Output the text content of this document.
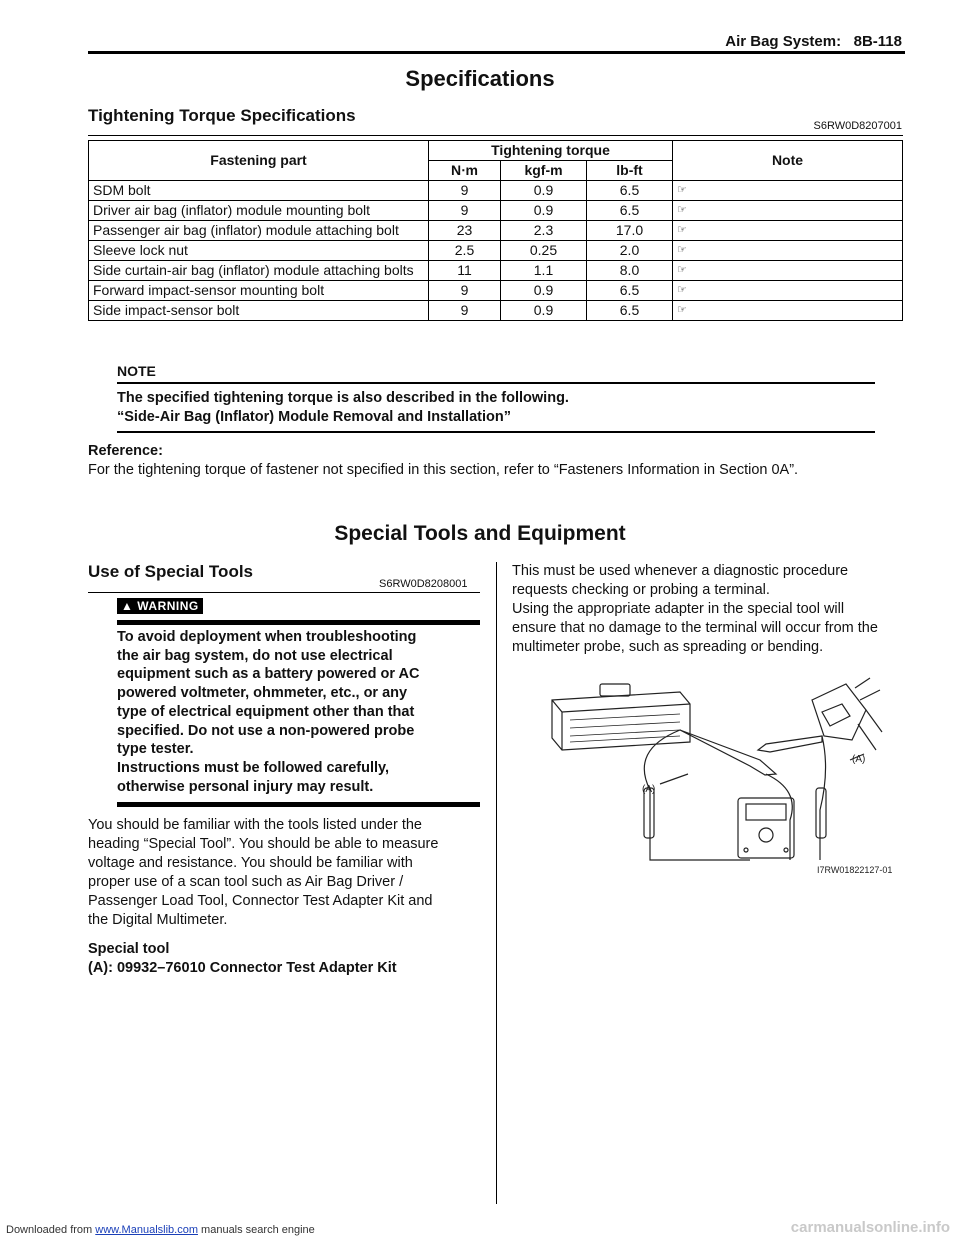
Air Bag System: 8B-118
Specifications
Tightening Torque Specifications
S6RW0D8207001
Fastening part	Tightening torque			Note
	N⋅m	kgf-m	lb-ft	
SDM bolt	9	0.9	6.5	☞
Driver air bag (inflator) module mounting bolt	9	0.9	6.5	☞
Passenger air bag (inflator) module attaching bolt	23	2.3	17.0	☞
Sleeve lock nut	2.5	0.25	2.0	☞
Side curtain-air bag (inflator) module attaching bolts	11	1.1	8.0	☞
Forward impact-sensor mounting bolt	9	0.9	6.5	☞
Side impact-sensor bolt	9	0.9	6.5	☞
NOTE
The specified tightening torque is also described in the following.
“Side-Air Bag (Inflator) Module Removal and Installation”
Reference:
For the tightening torque of fastener not specified in this section, refer to “Fasteners Information in Section 0A”.
Special Tools and Equipment
Use of Special Tools
S6RW0D8208001
▲ WARNING
To avoid deployment when troubleshooting
the air bag system, do not use electrical
equipment such as a battery powered or AC
powered voltmeter, ohmmeter, etc., or any
type of electrical equipment other than that
specified. Do not use a non-powered probe
type tester.
Instructions must be followed carefully,
otherwise personal injury may result.
You should be familiar with the tools listed under the
heading “Special Tool”. You should be able to measure
voltage and resistance. You should be familiar with
proper use of a scan tool such as Air Bag Driver /
Passenger Load Tool, Connector Test Adapter Kit and
the Digital Multimeter.
Special tool
(A): 09932–76010 Connector Test Adapter Kit
This must be used whenever a diagnostic procedure
requests checking or probing a terminal.
Using the appropriate adapter in the special tool will
ensure that no damage to the terminal will occur from the
multimeter probe, such as spreading or bending.
(A)
(A)
I7RW01822127-01
Downloaded from www.Manualslib.com manuals search engine	carmanualsonline.info
